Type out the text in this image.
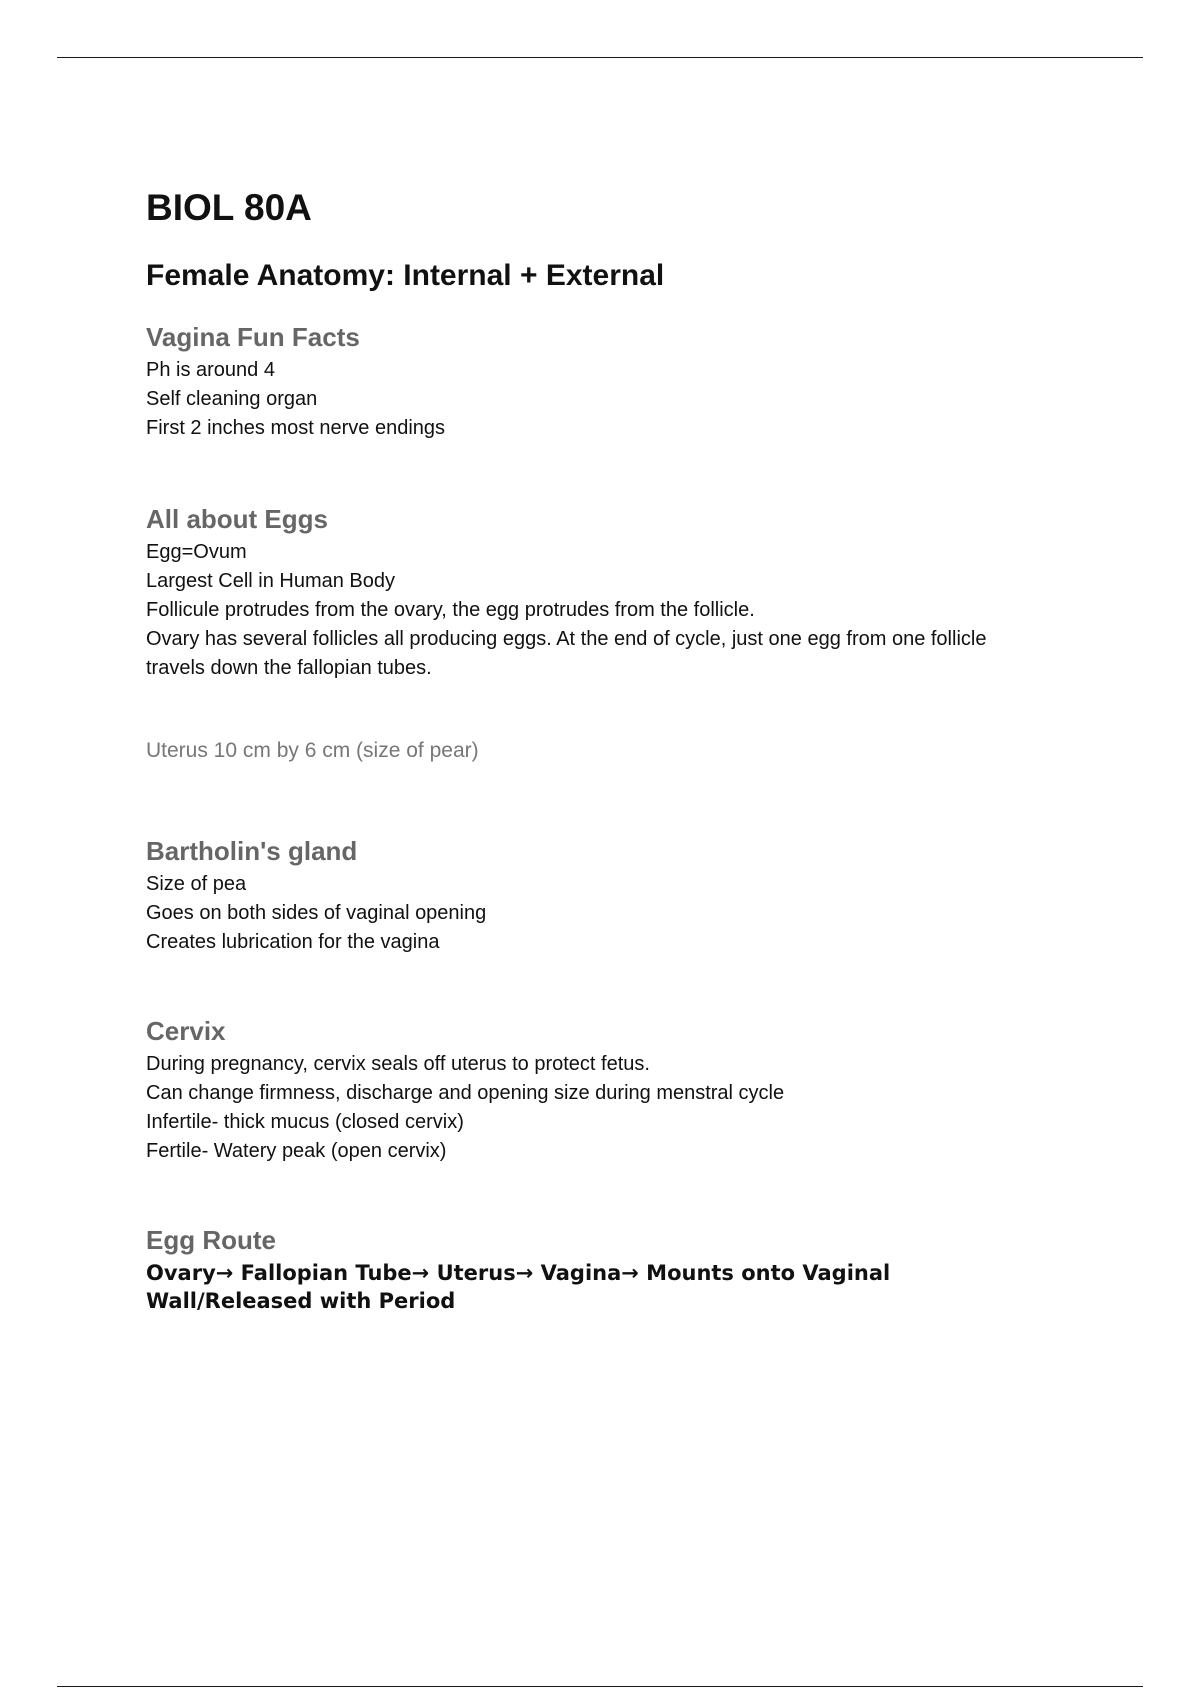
BIOL 80A
Female Anatomy: Internal + External
Vagina Fun Facts

Ph is around 4

Self cleaning organ

First 2 inches most nerve endings

All about Eggs

Egg=Ovum

Largest Cell in Human Body

Follicule protrudes from the ovary, the egg protrudes from the follicle.

Ovary has several follicles all producing eggs. At the end of cycle, just one egg from one follicle

travels down the fallopian tubes.

Uterus 10 cm by 6 cm (size of pear)

Bartholin's gland

Size of pea

Goes on both sides of vaginal opening

Creates lubrication for the vagina

Cervix

During pregnancy, cervix seals off uterus to protect fetus.

Can change firmness, discharge and opening size during menstral cycle

Infertile- thick mucus (closed cervix)

Fertile- Watery peak (open cervix)

Egg Route

Ovary→ Fallopian Tube→ Uterus→ Vagina→ Mounts onto Vaginal

Wall/Released with Period
